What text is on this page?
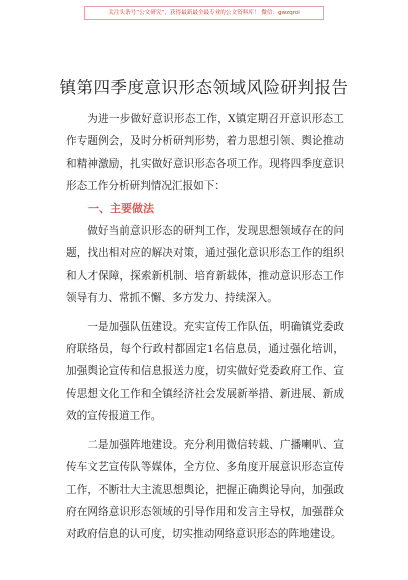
关注头条号“公文研究”，获得最新最全最专业的公文资料库！ 微信：gwzqroi
镇第四季度意识形态领域风险研判报告

为进一步做好意识形态工作，X镇定期召开意识形态工作专题例会，及时分析研判形势，着力思想引领、舆论推动和精神激励，扎实做好意识形态各项工作。现将四季度意识形态工作分析研判情况汇报如下：

一、主要做法

做好当前意识形态的研判工作，发现思想领域存在的问题，找出相对应的解决对策，通过强化意识形态工作的组织和人才保障，探索新机制、培育新载体，推动意识形态工作领导有力、常抓不懈、多方发力、持续深入。

一是加强队伍建设。充实宣传工作队伍，明确镇党委政府联络员，每个行政村都固定1名信息员，通过强化培训，加强舆论宣传和信息报送力度，切实做好党委政府工作、宣传思想文化工作和全镇经济社会发展新举措、新进展、新成效的宣传报道工作。

二是加强阵地建设。充分利用微信转载、广播喇叭、宣传车文艺宣传队等媒体，全方位、多角度开展意识形态宣传工作，不断壮大主流思想舆论，把握正确舆论导向，加强政府在网络意识形态领域的引导作用和发言主导权，加强群众对政府信息的认可度，切实推动网络意识形态的阵地建设。
